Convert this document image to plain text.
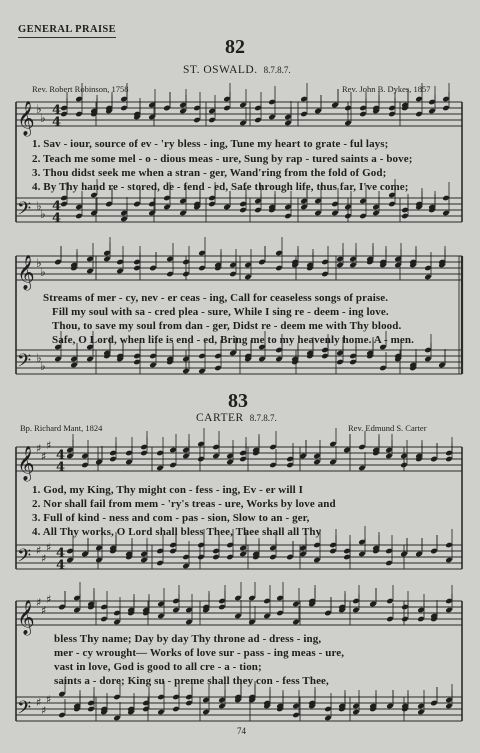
GENERAL PRAISE
82
ST. OSWALD. 8.7.8.7.
Rev. Robert Robinson, 1758	Rev. John B. Dykes, 1857
𝄞
𝄢
𝄞
𝄢
𝄞
𝄢
𝄞
𝄢
♭
♭
♭
♭
♭
♭
♭
♭
4
4
4
4
♯
♯
♯
♯
♯
♯
♯
♯
♯
♯
♯
♯
4
4
4
4
1. Sav - iour, source of ev - 'ry bless - ing, Tune my heart to grate - ful lays;
2. Teach me some mel - o - dious meas - ure, Sung by rap - tured saints a - bove;
3. Thou didst seek me when a stran - ger, Wand'ring from the fold of God;
4. By Thy hand re - stored, de - fend - ed, Safe through life, thus far, I've come;
Streams of mer - cy, nev - er ceas - ing, Call for ceaseless songs of praise.
Fill my soul with sa - cred plea - sure, While I sing re - deem - ing love.
Thou, to save my soul from dan - ger, Didst re - deem me with Thy blood.
Safe, O Lord, when life is end - ed, Bring me to my heavenly home. A - men.
83
CARTER 8.7.8.7.
Bp. Richard Mant, 1824	Rev. Edmund S. Carter
1. God, my King, Thy might con - fess - ing, Ev - er will I
2. Nor shall fail from mem - 'ry's treas - ure, Works by love and
3. Full of kind - ness and com - pas - sion, Slow to an - ger,
4. All Thy works, O Lord shall bless Thee, Thee shall all Thy
bless Thy name; Day by day Thy throne ad - dress - ing,
mer - cy wrought— Works of love sur - pass - ing meas - ure,
vast in love, God is good to all cre - a - tion;
saints a - dore; King su - preme shall they con - fess Thee,
74
